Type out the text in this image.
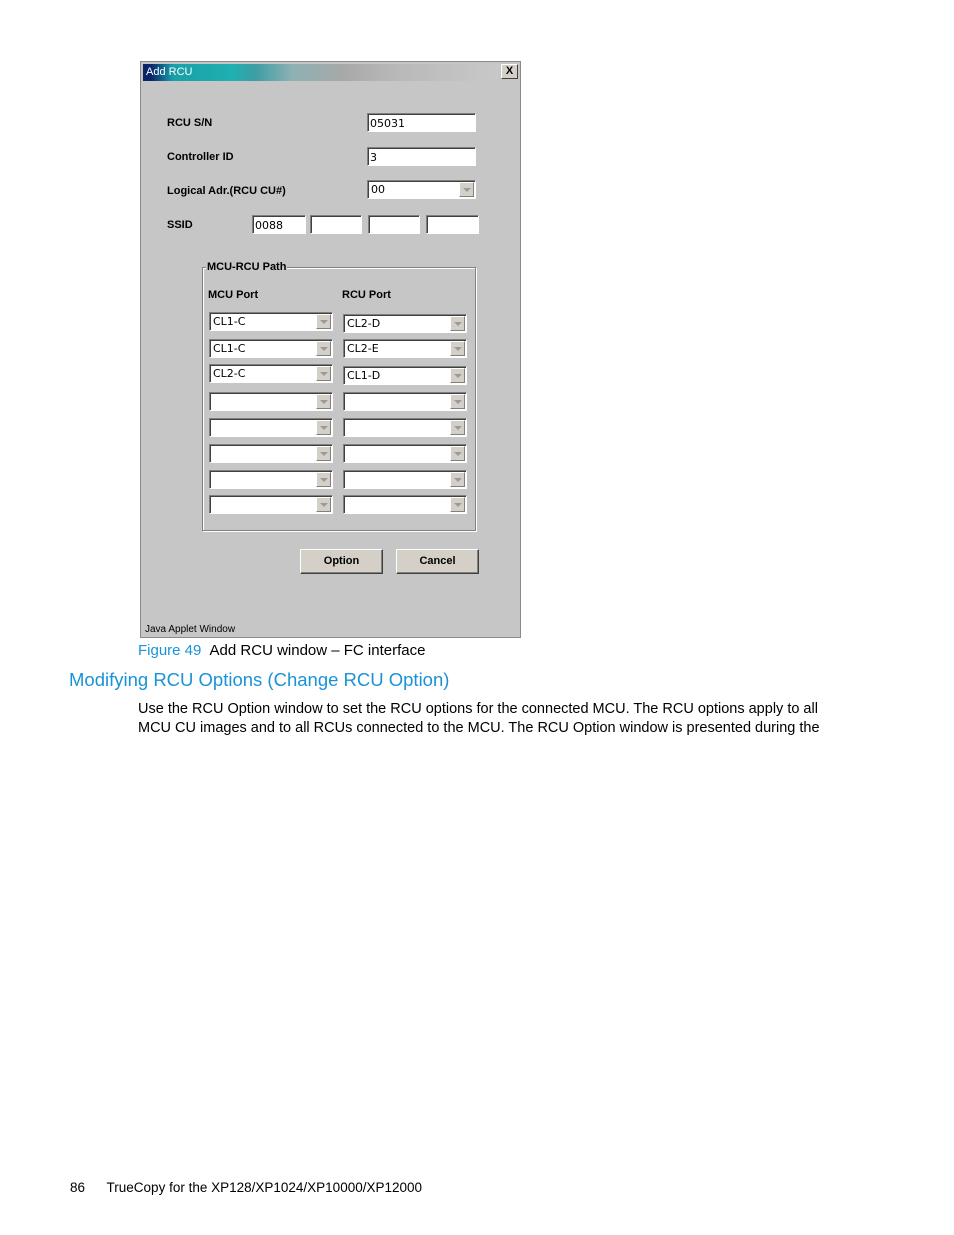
Add RCU	X
RCU S/N
05031
Controller ID
3
Logical Adr.(RCU CU#)	00
SSID
0088
MCU-RCU Path
MCU Port	RCU Port
CL1-C	CL2-D
CL1-C	CL2-E
CL2-C	CL1-D
Option	Cancel
Java Applet Window
Figure 49 Add RCU window – FC interface
Modifying RCU Options (Change RCU Option)
Use the RCU Option window to set the RCU options for the connected MCU. The RCU options apply to all
MCU CU images and to all RCUs connected to the MCU. The RCU Option window is presented during the
86 TrueCopy for the XP128/XP1024/XP10000/XP12000
